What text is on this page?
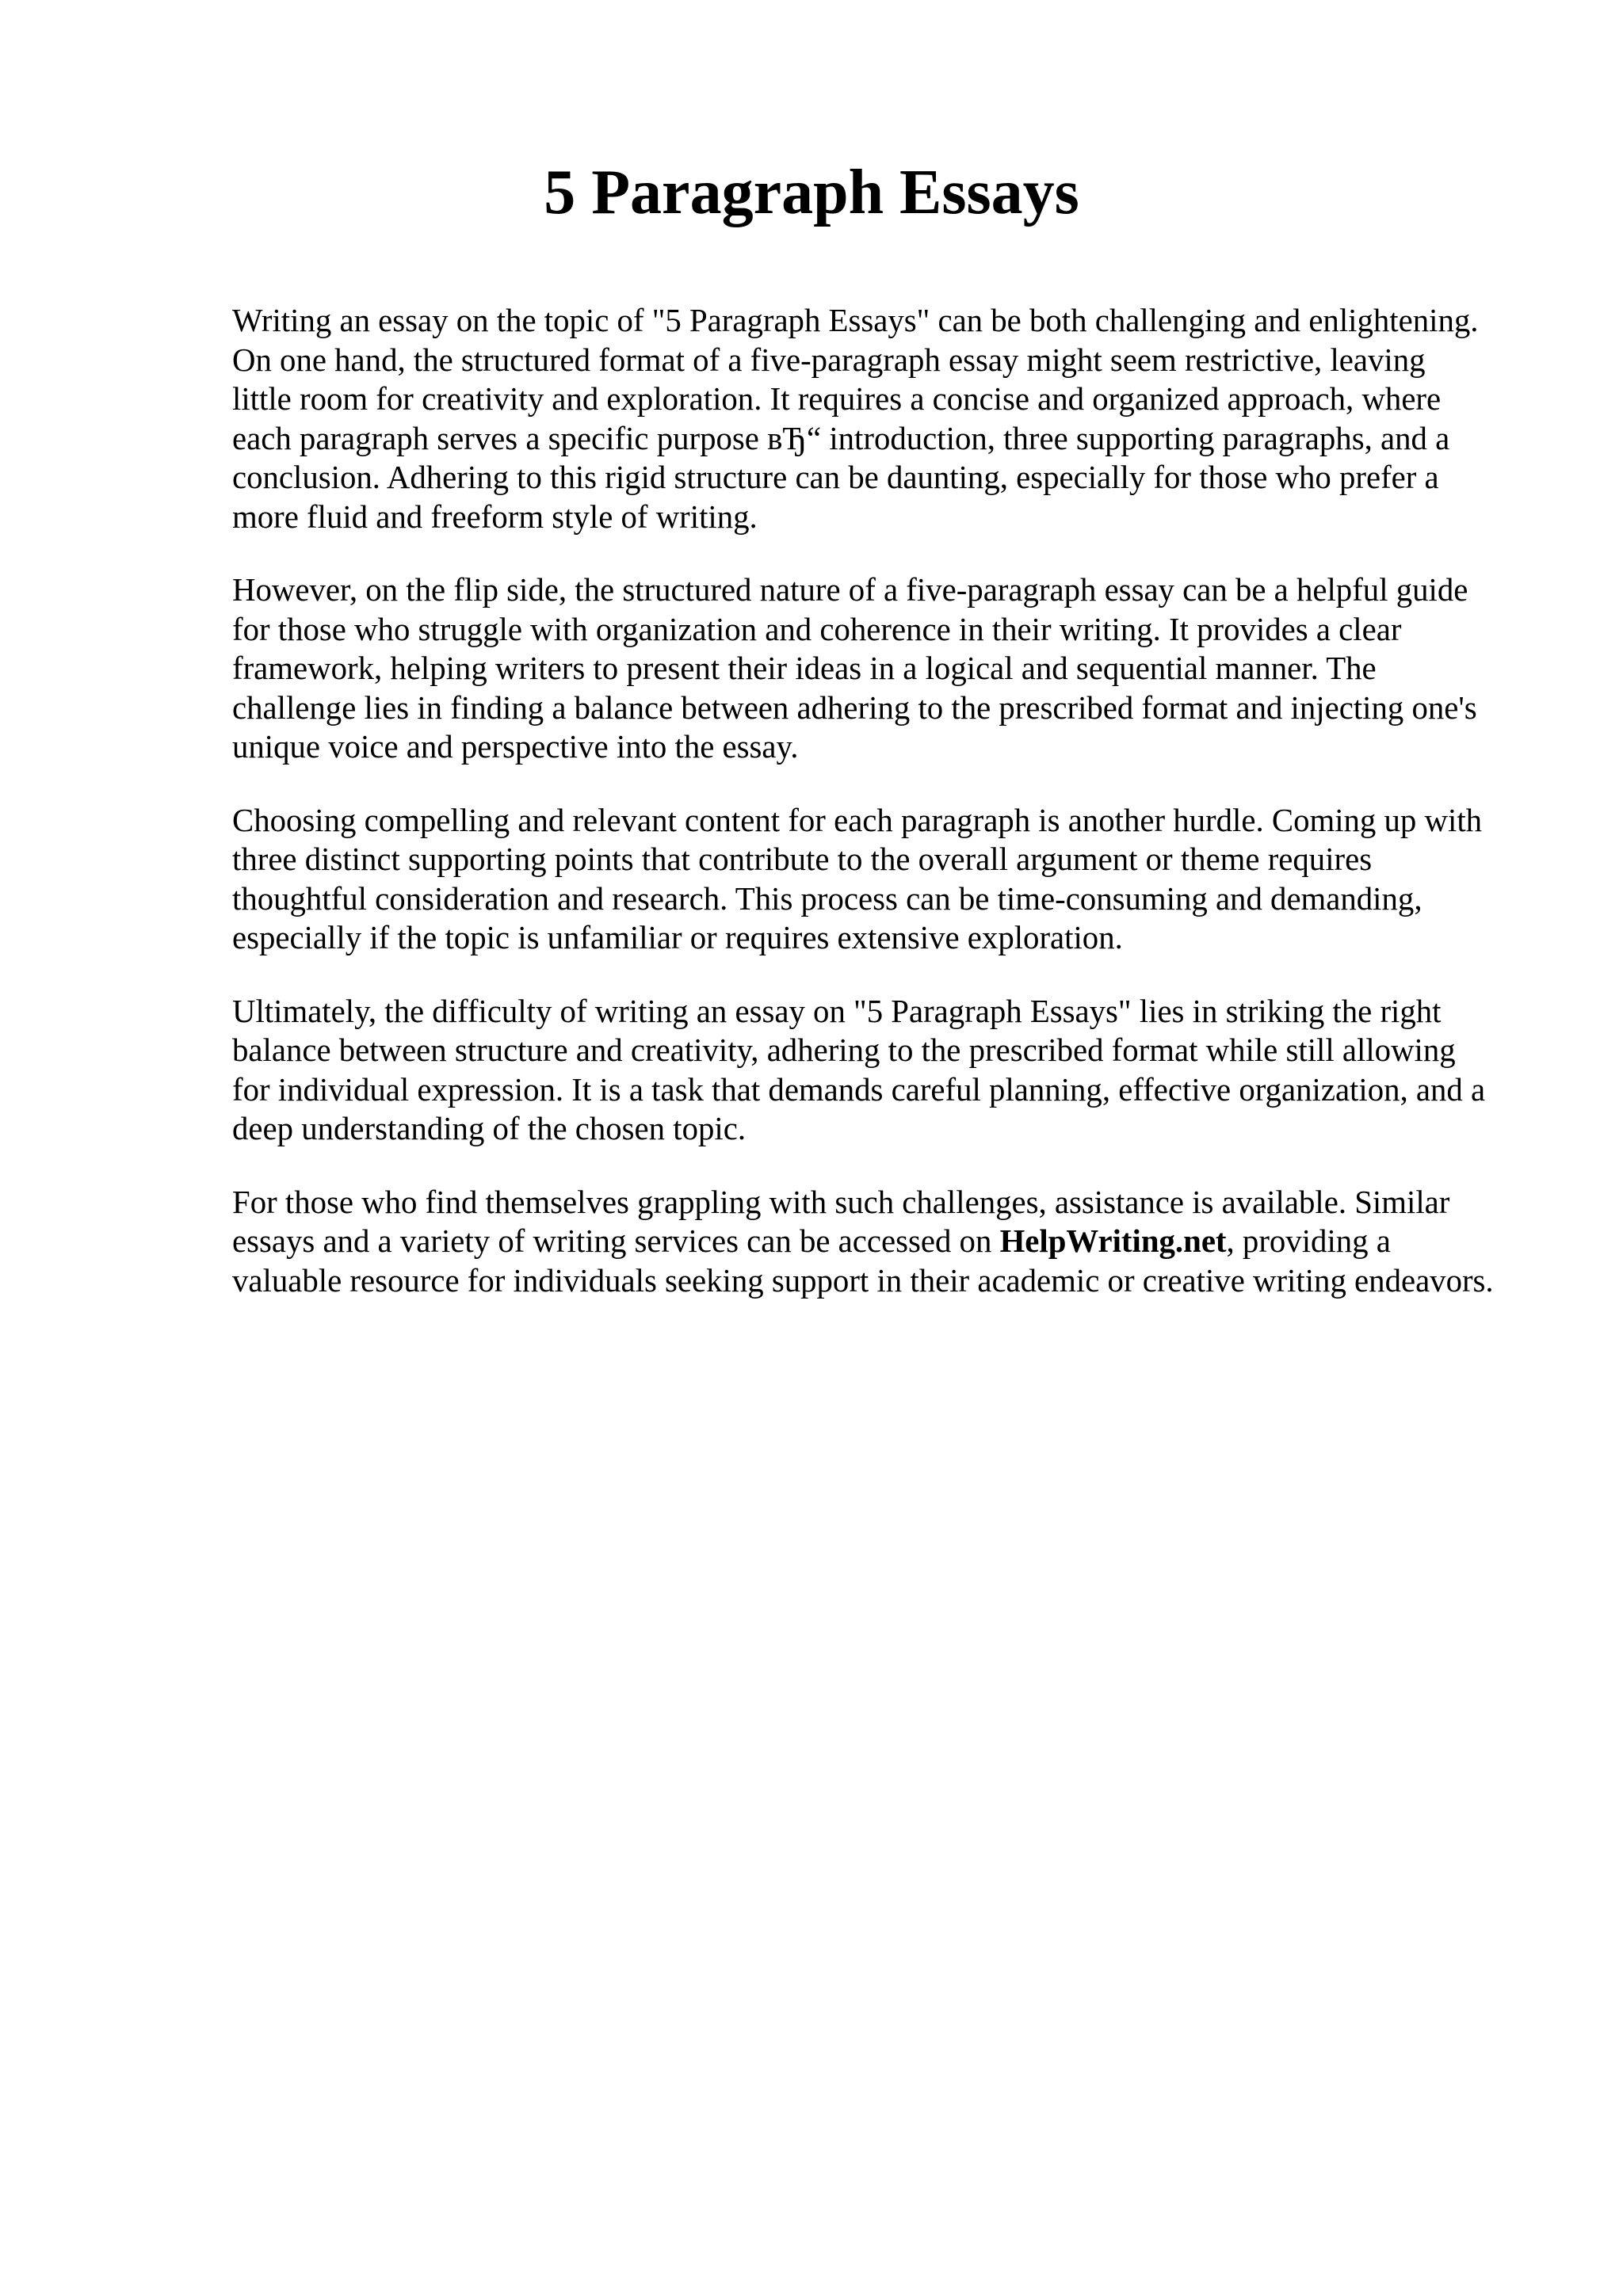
5 Paragraph Essays

Writing an essay on the topic of "5 Paragraph Essays" can be both challenging and enlightening.
On one hand, the structured format of a five-paragraph essay might seem restrictive, leaving
little room for creativity and exploration. It requires a concise and organized approach, where
each paragraph serves a specific purpose вЂ“ introduction, three supporting paragraphs, and a
conclusion. Adhering to this rigid structure can be daunting, especially for those who prefer a
more fluid and freeform style of writing.

However, on the flip side, the structured nature of a five-paragraph essay can be a helpful guide
for those who struggle with organization and coherence in their writing. It provides a clear
framework, helping writers to present their ideas in a logical and sequential manner. The
challenge lies in finding a balance between adhering to the prescribed format and injecting one's
unique voice and perspective into the essay.

Choosing compelling and relevant content for each paragraph is another hurdle. Coming up with
three distinct supporting points that contribute to the overall argument or theme requires
thoughtful consideration and research. This process can be time-consuming and demanding,
especially if the topic is unfamiliar or requires extensive exploration.

Ultimately, the difficulty of writing an essay on "5 Paragraph Essays" lies in striking the right
balance between structure and creativity, adhering to the prescribed format while still allowing
for individual expression. It is a task that demands careful planning, effective organization, and a
deep understanding of the chosen topic.

For those who find themselves grappling with such challenges, assistance is available. Similar
essays and a variety of writing services can be accessed on HelpWriting.net, providing a
valuable resource for individuals seeking support in their academic or creative writing endeavors.
